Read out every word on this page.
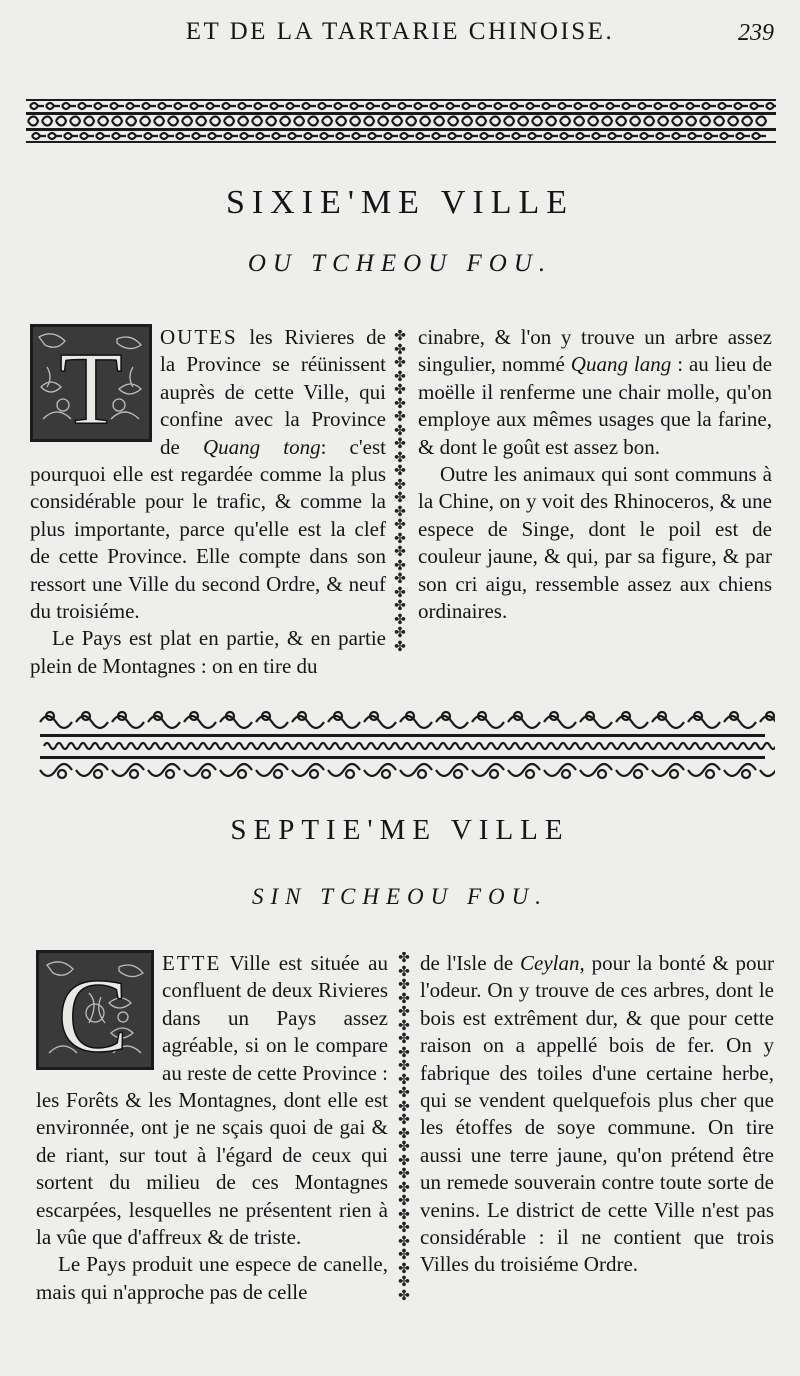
ET DE LA TARTARIE CHINOISE.	239
SIXIE'ME VILLE
OU TCHEOU FOU.
T	OUTES les Rivieres de la Province se réünissent auprès de cette Ville, qui confine avec la Province de Quang tong: c'est pourquoi elle est regardée comme la plus considérable pour le trafic, & comme la plus importante, parce qu'elle est la clef de cette Province. Elle compte dans son ressort une Ville du second Ordre, & neuf du troisiéme.

Le Pays est plat en partie, & en partie plein de Montagnes : on en tire du

✤
✤
✤
✤
✤
✤
✤
✤
✤
✤
✤
✤
✤
✤
✤
✤
✤
✤
✤
✤
✤
✤
✤
✤

cinabre, & l'on y trouve un arbre assez singulier, nommé Quang lang : au lieu de moëlle il renferme une chair molle, qu'on employe aux mêmes usages que la farine, & dont le goût est assez bon.

Outre les animaux qui sont communs à la Chine, on y voit des Rhinoceros, & une espece de Singe, dont le poil est de couleur jaune, & qui, par sa figure, & par son cri aigu, ressemble assez aux chiens ordinaires.

SEPTIE'ME VILLE
SIN TCHEOU FOU.
C	ETTE Ville est située au confluent de deux Rivieres dans un Pays assez agréable, si on le compare au reste de cette Province : les Forêts & les Montagnes, dont elle est environnée, ont je ne sçais quoi de gai & de riant, sur tout à l'égard de ceux qui sortent du milieu de ces Montagnes escarpées, lesquelles ne présentent rien à la vûe que d'affreux & de triste.

Le Pays produit une espece de canelle, mais qui n'approche pas de celle

✤
✤
✤
✤
✤
✤
✤
✤
✤
✤
✤
✤
✤
✤
✤
✤
✤
✤
✤
✤
✤
✤
✤
✤
✤
✤

de l'Isle de Ceylan, pour la bonté & pour l'odeur. On y trouve de ces arbres, dont le bois est extrêment dur, & que pour cette raison on a appellé bois de fer. On y fabrique des toiles d'une certaine herbe, qui se vendent quelquefois plus cher que les étoffes de soye commune. On tire aussi une terre jaune, qu'on prétend être un remede souverain contre toute sorte de venins. Le district de cette Ville n'est pas considérable : il ne contient que trois Villes du troisiéme Ordre.
